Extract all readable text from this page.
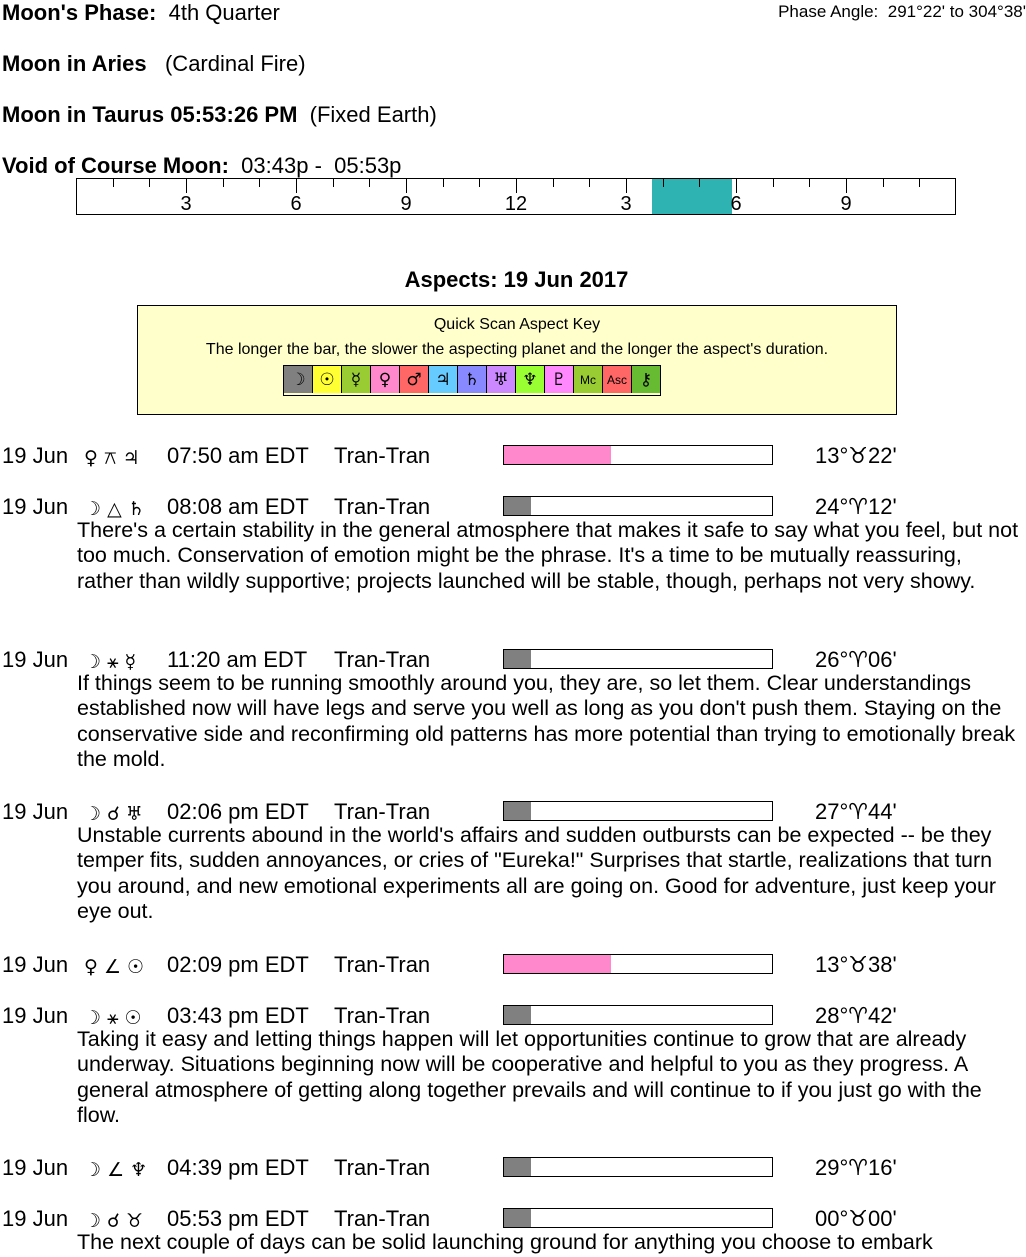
Moon's Phase: 4th Quarter	Phase Angle: 291°22' to 304°38'
Moon in Aries (Cardinal Fire)
Moon in Taurus 05:53:26 PM (Fixed Earth)
Void of Course Moon: 03:43p - 05:53p
3	6	9	12	3	6	9
Aspects: 19 Jun 2017
Quick Scan Aspect Key
The longer the bar, the slower the aspecting planet and the longer the aspect's duration.
☽ ☉ ☿	♀ ♂ ♃ ♄ ♅ ♆ ♇	Mc Asc ⚷
19 Jun ♀ ⚻ ♃ 07:50 am EDT Tran-Tran	13°♉22'
19 Jun ☽ △ ♄ 08:08 am EDT Tran-Tran	24°♈12'
There's a certain stability in the general atmosphere that makes it safe to say what you feel, but not too much. Conservation of emotion might be the phrase. It's a time to be mutually reassuring, rather than wildly supportive; projects launched will be stable, though, perhaps not very showy.
19 Jun ☽ ⚹ ☿ 11:20 am EDT Tran-Tran	26°♈06'
If things seem to be running smoothly around you, they are, so let them. Clear understandings established now will have legs and serve you well as long as you don't push them. Staying on the conservative side and reconfirming old patterns has more potential than trying to emotionally break the mold.
19 Jun ☽ ☌ ♅ 02:06 pm EDT Tran-Tran	27°♈44'
Unstable currents abound in the world's affairs and sudden outbursts can be expected -- be they temper fits, sudden annoyances, or cries of "Eureka!" Surprises that startle, realizations that turn you around, and new emotional experiments all are going on. Good for adventure, just keep your eye out.
19 Jun ♀ ∠ ☉ 02:09 pm EDT Tran-Tran	13°♉38'
19 Jun ☽ ⚹ ☉ 03:43 pm EDT Tran-Tran	28°♈42'
Taking it easy and letting things happen will let opportunities continue to grow that are already underway. Situations beginning now will be cooperative and helpful to you as they progress. A general atmosphere of getting along together prevails and will continue to if you just go with the flow.
19 Jun ☽ ∠ ♆ 04:39 pm EDT Tran-Tran	29°♈16'
19 Jun ☽ ☌ ♉ 05:53 pm EDT Tran-Tran	00°♉00'
The next couple of days can be solid launching ground for anything you choose to embark
